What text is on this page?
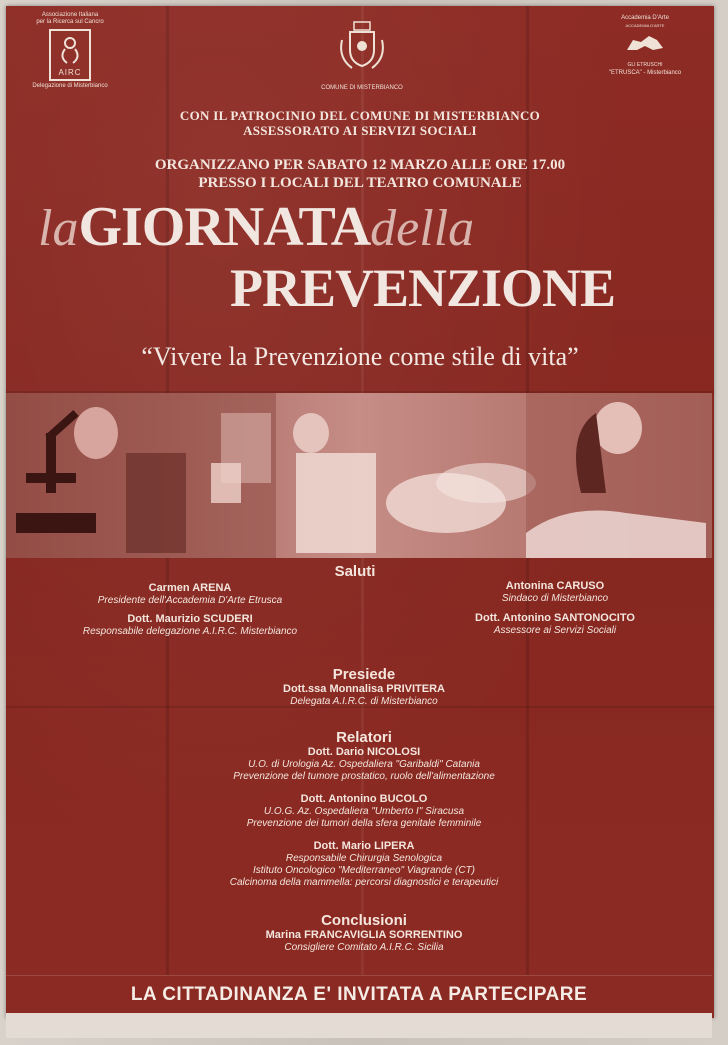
Associazione Italiana
per la Ricerca sul Cancro
AIRC
Delegazione di Misterbianco	COMUNE DI MISTERBIANCO
Accademia D'Arte
ACCADEMIA D'ARTE
GLI ETRUSCHI
"ETRUSCA" - Misterbianco
CON IL PATROCINIO DEL COMUNE DI MISTERBIANCO
ASSESSORATO AI SERVIZI SOCIALI
ORGANIZZANO PER SABATO 12 MARZO ALLE ORE 17.00
PRESSO I LOCALI DEL TEATRO COMUNALE
laGIORNATAdella
PREVENZIONE
“Vivere la Prevenzione come stile di vita”
Saluti
Carmen ARENA
Presidente dell'Accademia D'Arte Etrusca
Dott. Maurizio SCUDERI
Responsabile delegazione A.I.R.C. Misterbianco
Antonina CARUSO
Sindaco di Misterbianco
Dott. Antonino SANTONOCITO
Assessore ai Servizi Sociali
Presiede
Dott.ssa Monnalisa PRIVITERA
Delegata A.I.R.C. di Misterbianco
Relatori
Dott. Dario NICOLOSI
U.O. di Urologia Az. Ospedaliera "Garibaldi" Catania
Prevenzione del tumore prostatico, ruolo dell'alimentazione
Dott. Antonino BUCOLO
U.O.G. Az. Ospedaliera "Umberto I" Siracusa
Prevenzione dei tumori della sfera genitale femminile
Dott. Mario LIPERA
Responsabile Chirurgia Senologica
Istituto Oncologico "Mediterraneo" Viagrande (CT)
Calcinoma della mammella: percorsi diagnostici e terapeutici
Conclusioni
Marina FRANCAVIGLIA SORRENTINO
Consigliere Comitato A.I.R.C. Sicilia
LA CITTADINANZA E' INVITATA A PARTECIPARE
